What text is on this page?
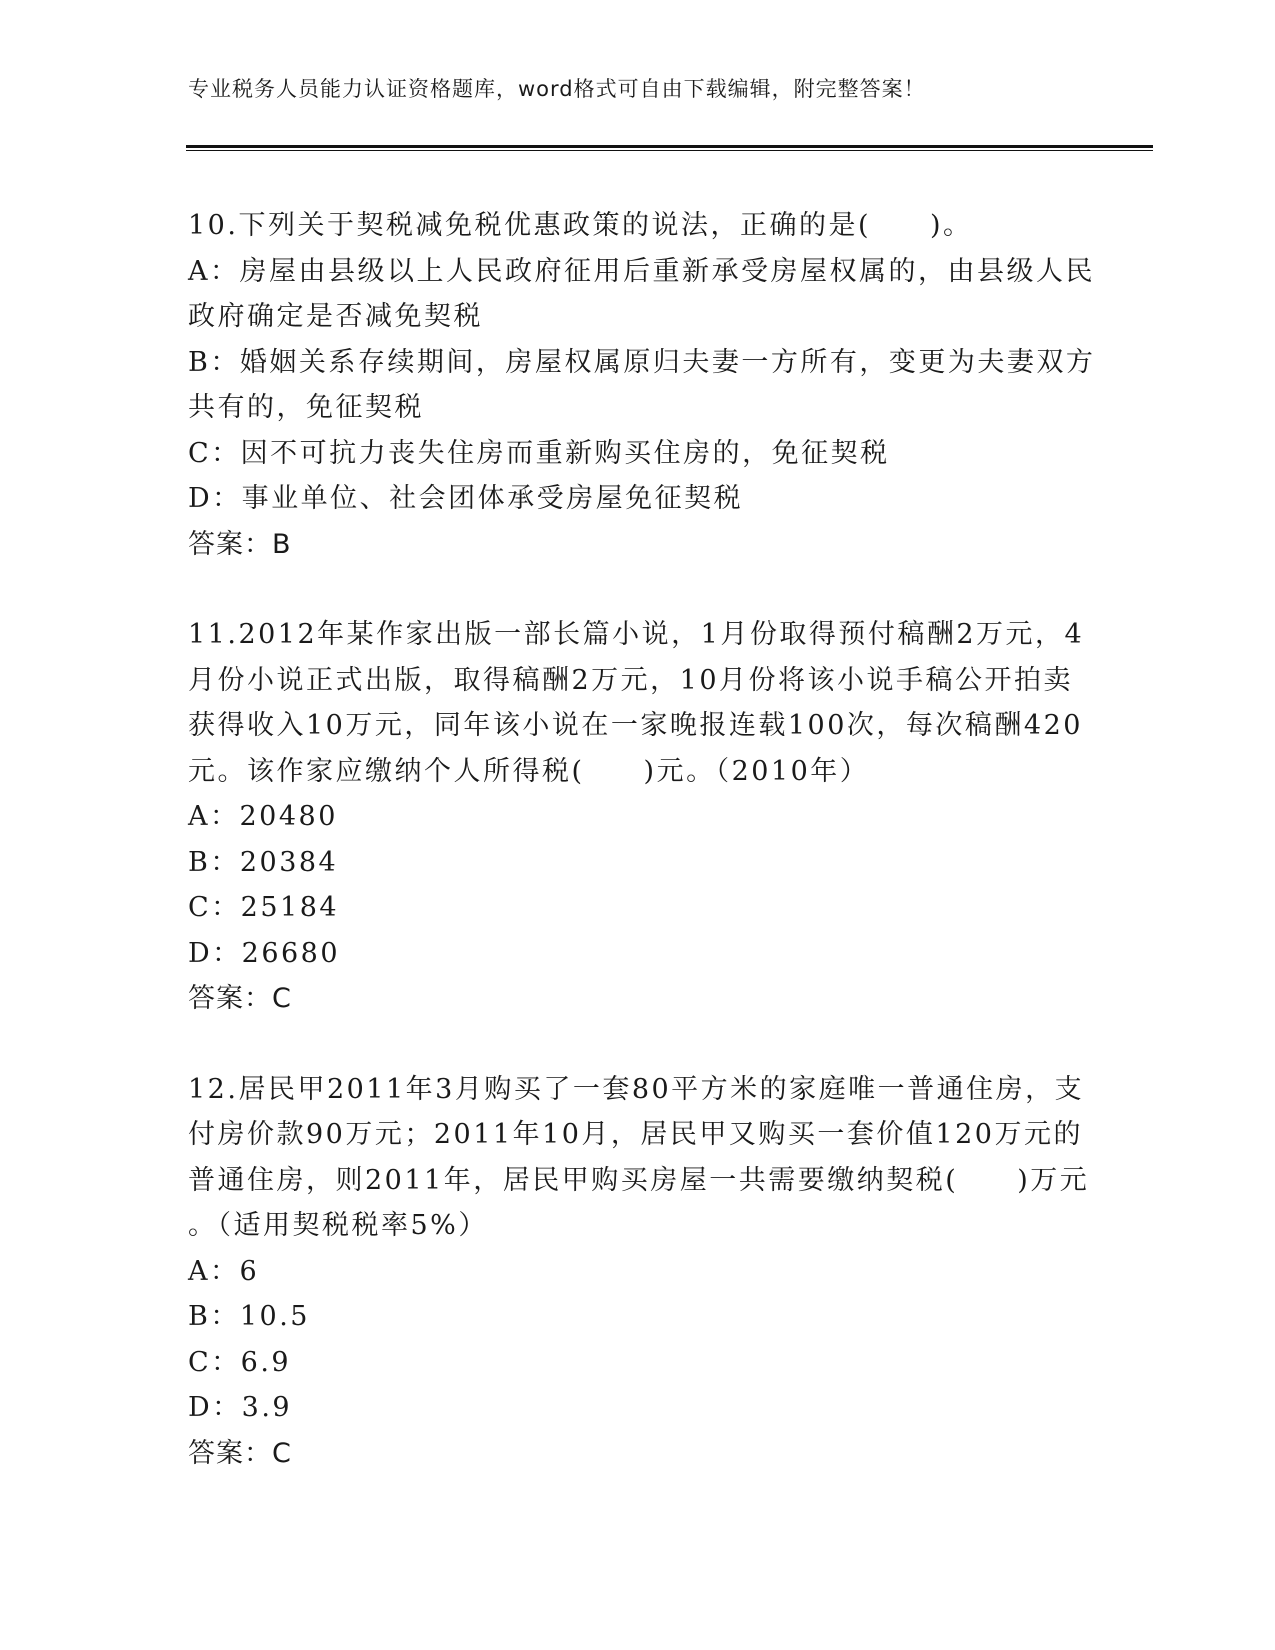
专业税务人员能力认证资格题库，word格式可自由下载编辑，附完整答案！
10.下列关于契税减免税优惠政策的说法，正确的是(　　)。
A：房屋由县级以上人民政府征用后重新承受房屋权属的，由县级人民
政府确定是否减免契税
B：婚姻关系存续期间，房屋权属原归夫妻一方所有，变更为夫妻双方
共有的，免征契税
C：因不可抗力丧失住房而重新购买住房的，免征契税
D：事业单位、社会团体承受房屋免征契税
答案：B
11.2012年某作家出版一部长篇小说，1月份取得预付稿酬2万元，4
月份小说正式出版，取得稿酬2万元，10月份将该小说手稿公开拍卖
获得收入10万元，同年该小说在一家晚报连载100次，每次稿酬420
元。该作家应缴纳个人所得税(　　)元。（2010年）
A：20480
B：20384
C：25184
D：26680
答案：C
12.居民甲2011年3月购买了一套80平方米的家庭唯一普通住房，支
付房价款90万元；2011年10月，居民甲又购买一套价值120万元的
普通住房，则2011年，居民甲购买房屋一共需要缴纳契税(　　)万元
。（适用契税税率5%）
A：6
B：10.5
C：6.9
D：3.9
答案：C
